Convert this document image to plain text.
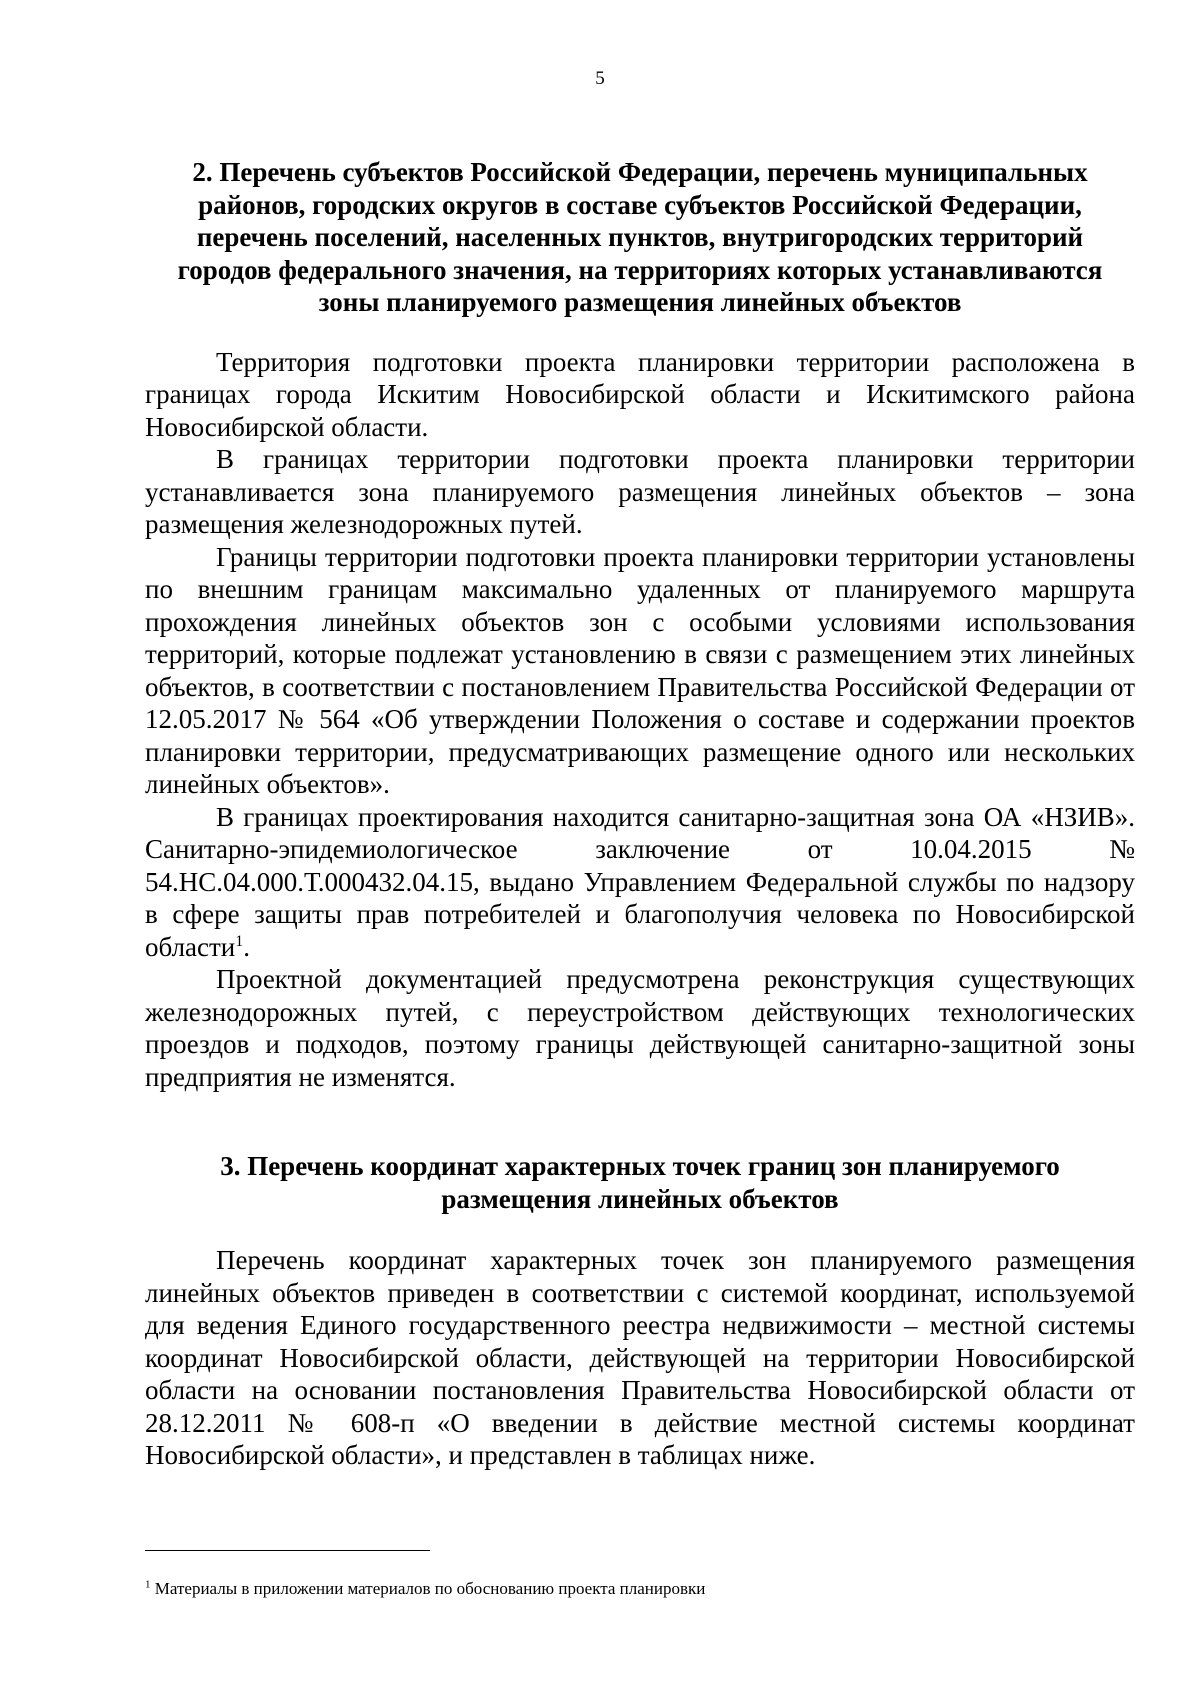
5
2. Перечень субъектов Российской Федерации, перечень муниципальных
районов, городских округов в составе субъектов Российской Федерации,
перечень поселений, населенных пунктов, внутригородских территорий
городов федерального значения, на территориях которых устанавливаются
зоны планируемого размещения линейных объектов

Территория подготовки проекта планировки территории расположена в границах города Искитим Новосибирской области и Искитимского района Новосибирской области.

В границах территории подготовки проекта планировки территории устанавливается зона планируемого размещения линейных объектов – зона размещения железнодорожных путей.

Границы территории подготовки проекта планировки территории установлены по внешним границам максимально удаленных от планируемого маршрута прохождения линейных объектов зон с особыми условиями использования территорий, которые подлежат установлению в связи с размещением этих линейных объектов, в соответствии с постановлением Правительства Российской Федерации от 12.05.2017 № 564 «Об утверждении Положения о составе и содержании проектов планировки территории, предусматривающих размещение одного или нескольких линейных объектов».

В границах проектирования находится санитарно-защитная зона ОА «НЗИВ». Санитарно-эпидемиологическое заключение от 10.04.2015 № 54.НС.04.000.Т.000432.04.15, выдано Управлением Федеральной службы по надзору в сфере защиты прав потребителей и благополучия человека по Новосибирской области$^1$.

Проектной документацией предусмотрена реконструкция существующих железнодорожных путей, с переустройством действующих технологических проездов и подходов, поэтому границы действующей санитарно-защитной зоны предприятия не изменятся.

3. Перечень координат характерных точек границ зон планируемого
размещения линейных объектов

Перечень координат характерных точек зон планируемого размещения линейных объектов приведен в соответствии с системой координат, используемой для ведения Единого государственного реестра недвижимости – местной системы координат Новосибирской области, действующей на территории Новосибирской области на основании постановления Правительства Новосибирской области от 28.12.2011 № 608-п «О введении в действие местной системы координат Новосибирской области», и представлен в таблицах ниже.

$^1$ Материалы в приложении материалов по обоснованию проекта планировки
